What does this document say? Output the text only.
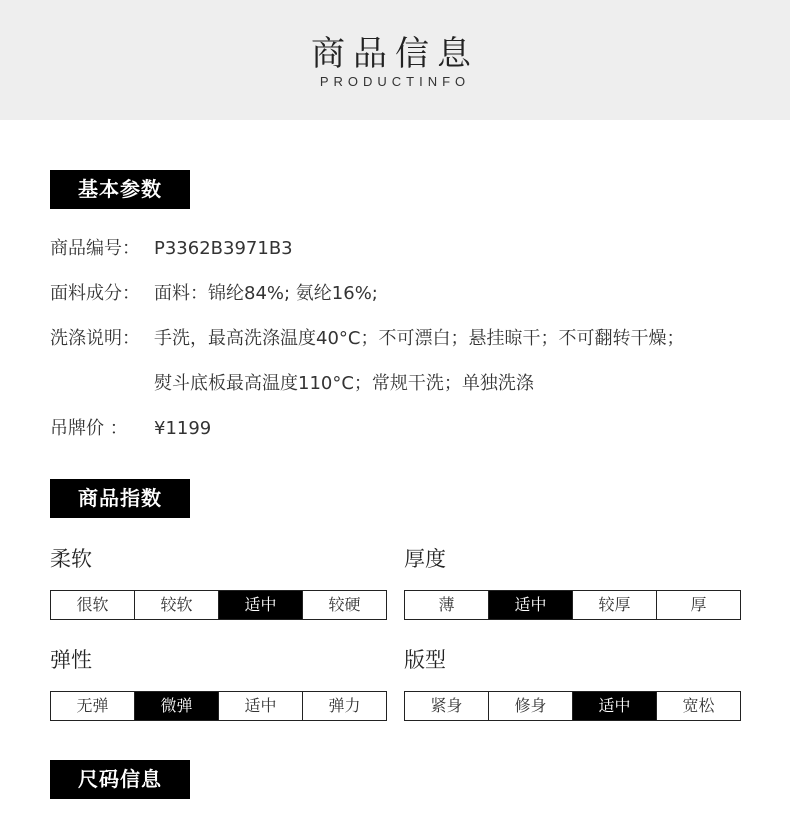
商品信息
PRODUCTINFO
基本参数
商品编号： P3362B3971B3
面料成分： 面料：锦纶84%; 氨纶16%;
洗涤说明： 手洗，最高洗涤温度40°C；不可漂白；悬挂晾干；不可翻转干燥；
熨斗底板最高温度110°C；常规干洗；单独洗涤
吊牌价 ： ¥1199
商品指数
柔软
很软	较软	适中	较硬
厚度
薄	适中	较厚	厚
弹性
无弹	微弹	适中	弹力
版型
紧身	修身	适中	宽松
尺码信息
